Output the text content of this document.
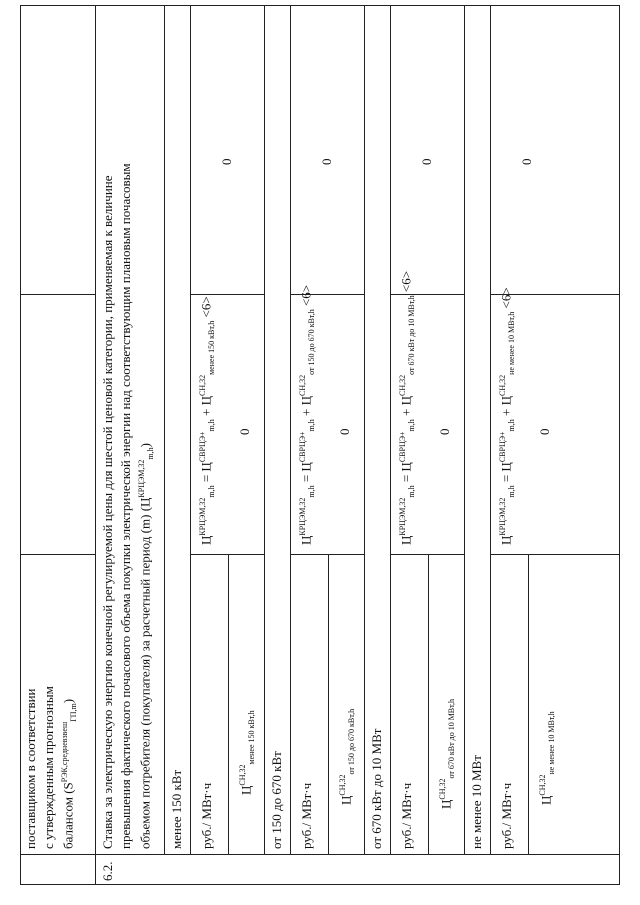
поставщиком в соответствии с утвержденным прогнозным балансом $(S^{РЭК,средневзвеш}_{ГП,m})$
6.2.
Ставка за электрическую энергию конечной регулируемой цены для шестой ценовой категории, применяемая к величине превышения фактического почасового объема покупки электрической энергии над соответствующим плановым почасовым объемом потребителя (покупателя) за расчетный период (m) $(Ц^{КРЦЭМ,32}_{m,h})$
менее 150 кВт
$Ц^{КРЦЭМ,32}_{m,h} = Ц^{СВРЦЭ+}_{m,h} + Ц^{СН,32}_{менее 150 кВт,h} <6>$
руб./ МВт·ч $Ц^{СН,32}_{менее 150 кВт,h}$
0
0
от 150 до 670 кВт
$Ц^{КРЦЭМ,32}_{m,h} = Ц^{СВРЦЭ+}_{m,h} + Ц^{СН,32}_{от 150 до 670 кВт,h} <6>$
руб./ МВт·ч $Ц^{СН,32}_{от 150 до 670 кВт,h}$
0
0
от 670 кВт до 10 МВт
$Ц^{КРЦЭМ,32}_{m,h} = Ц^{СВРЦЭ+}_{m,h} + Ц^{СН,32}_{от 670 кВт до 10 МВт,h} <6>$
руб./ МВт·ч $Ц^{СН,32}_{от 670 кВт до 10 МВт,h}$
0
0
не менее 10 МВт
$Ц^{КРЦЭМ,32}_{m,h} = Ц^{СВРЦЭ+}_{m,h} + Ц^{СН,32}_{не менее 10 МВт,h} <6>$
руб./ МВт·ч $Ц^{СН,32}_{не менее 10 МВт,h}$
0
0
